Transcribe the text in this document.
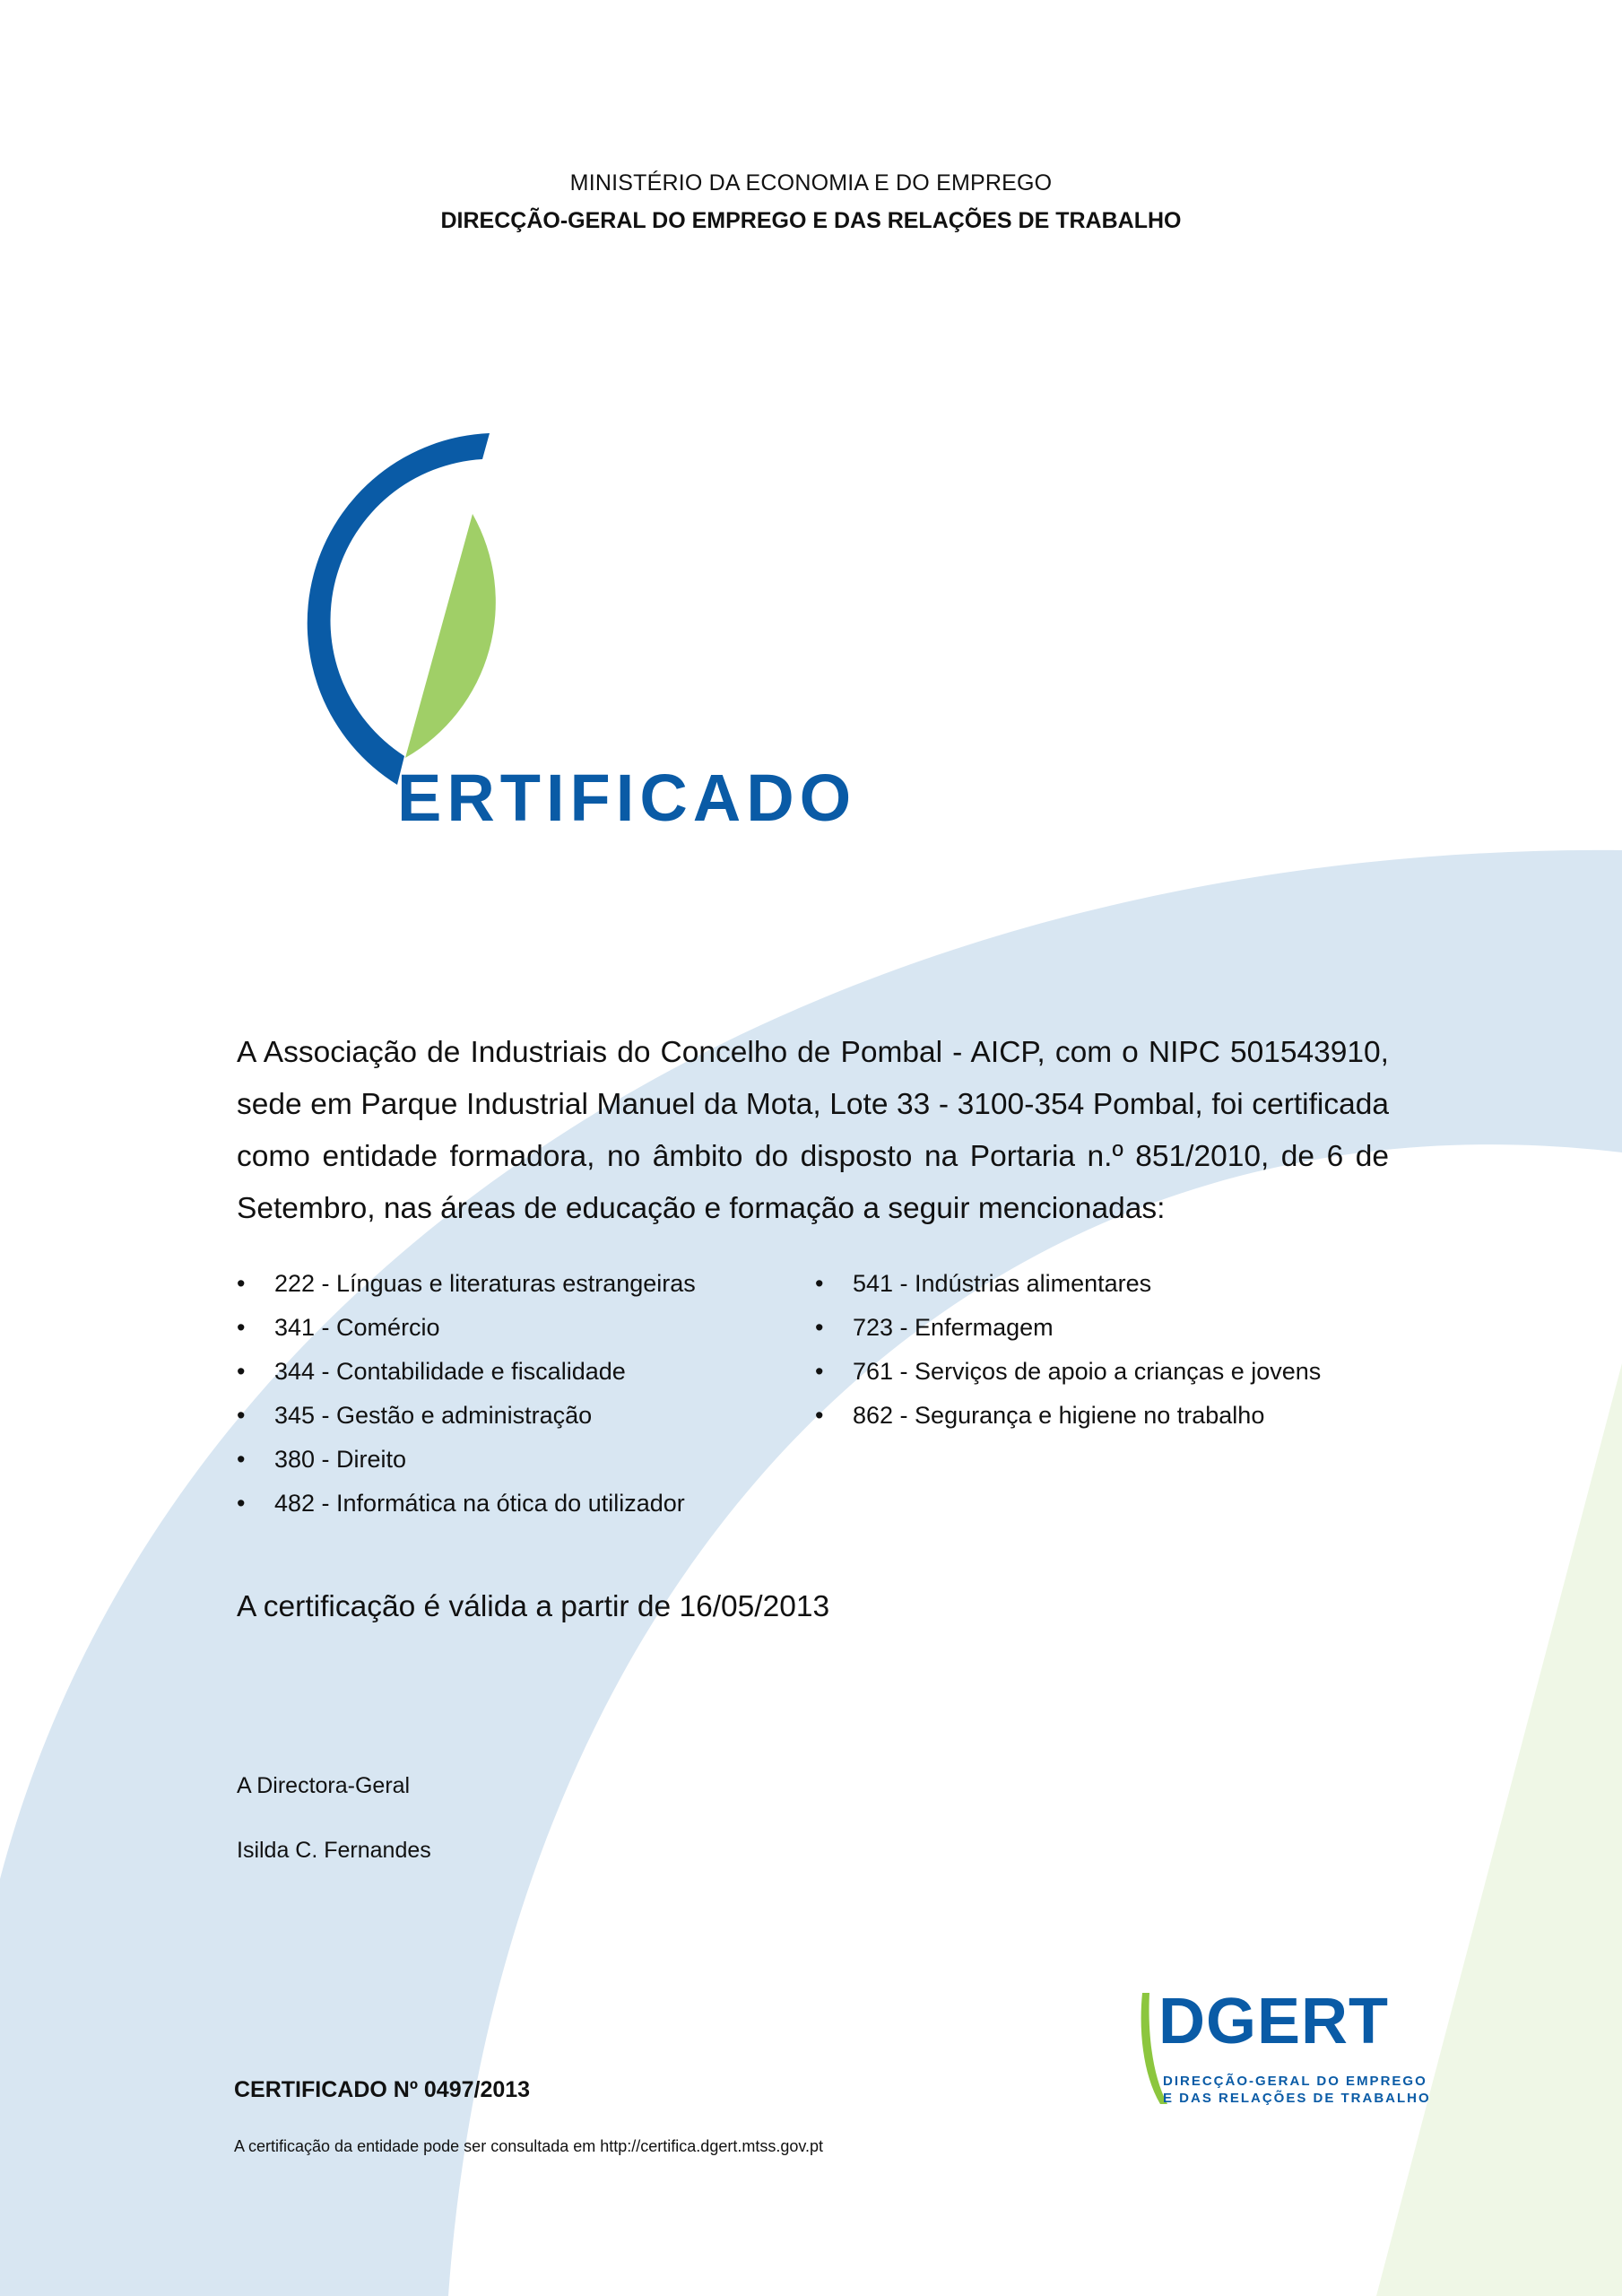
MINISTÉRIO DA ECONOMIA E DO EMPREGO
DIRECÇÃO-GERAL DO EMPREGO E DAS RELAÇÕES DE TRABALHO
ERTIFICADO
A Associação de Industriais do Concelho de Pombal - AICP, com o NIPC 501543910, sede em Parque Industrial Manuel da Mota, Lote 33 - 3100-354 Pombal, foi certificada como entidade formadora, no âmbito do disposto na Portaria n.º 851/2010, de 6 de Setembro, nas áreas de educação e formação a seguir mencionadas:
• 222 - Línguas e literaturas estrangeiras
• 341 - Comércio
• 344 - Contabilidade e fiscalidade
• 345 - Gestão e administração
• 380 - Direito
• 482 - Informática na ótica do utilizador
• 541 - Indústrias alimentares
• 723 - Enfermagem
• 761 - Serviços de apoio a crianças e jovens
• 862 - Segurança e higiene no trabalho
A certificação é válida a partir de 16/05/2013
A Directora-Geral
Isilda C. Fernandes
CERTIFICADO Nº 0497/2013
A certificação da entidade pode ser consultada em http://certifica.dgert.mtss.gov.pt
DGERT
DIRECÇÃO-GERAL DO EMPREGO
E DAS RELAÇÕES DE TRABALHO
